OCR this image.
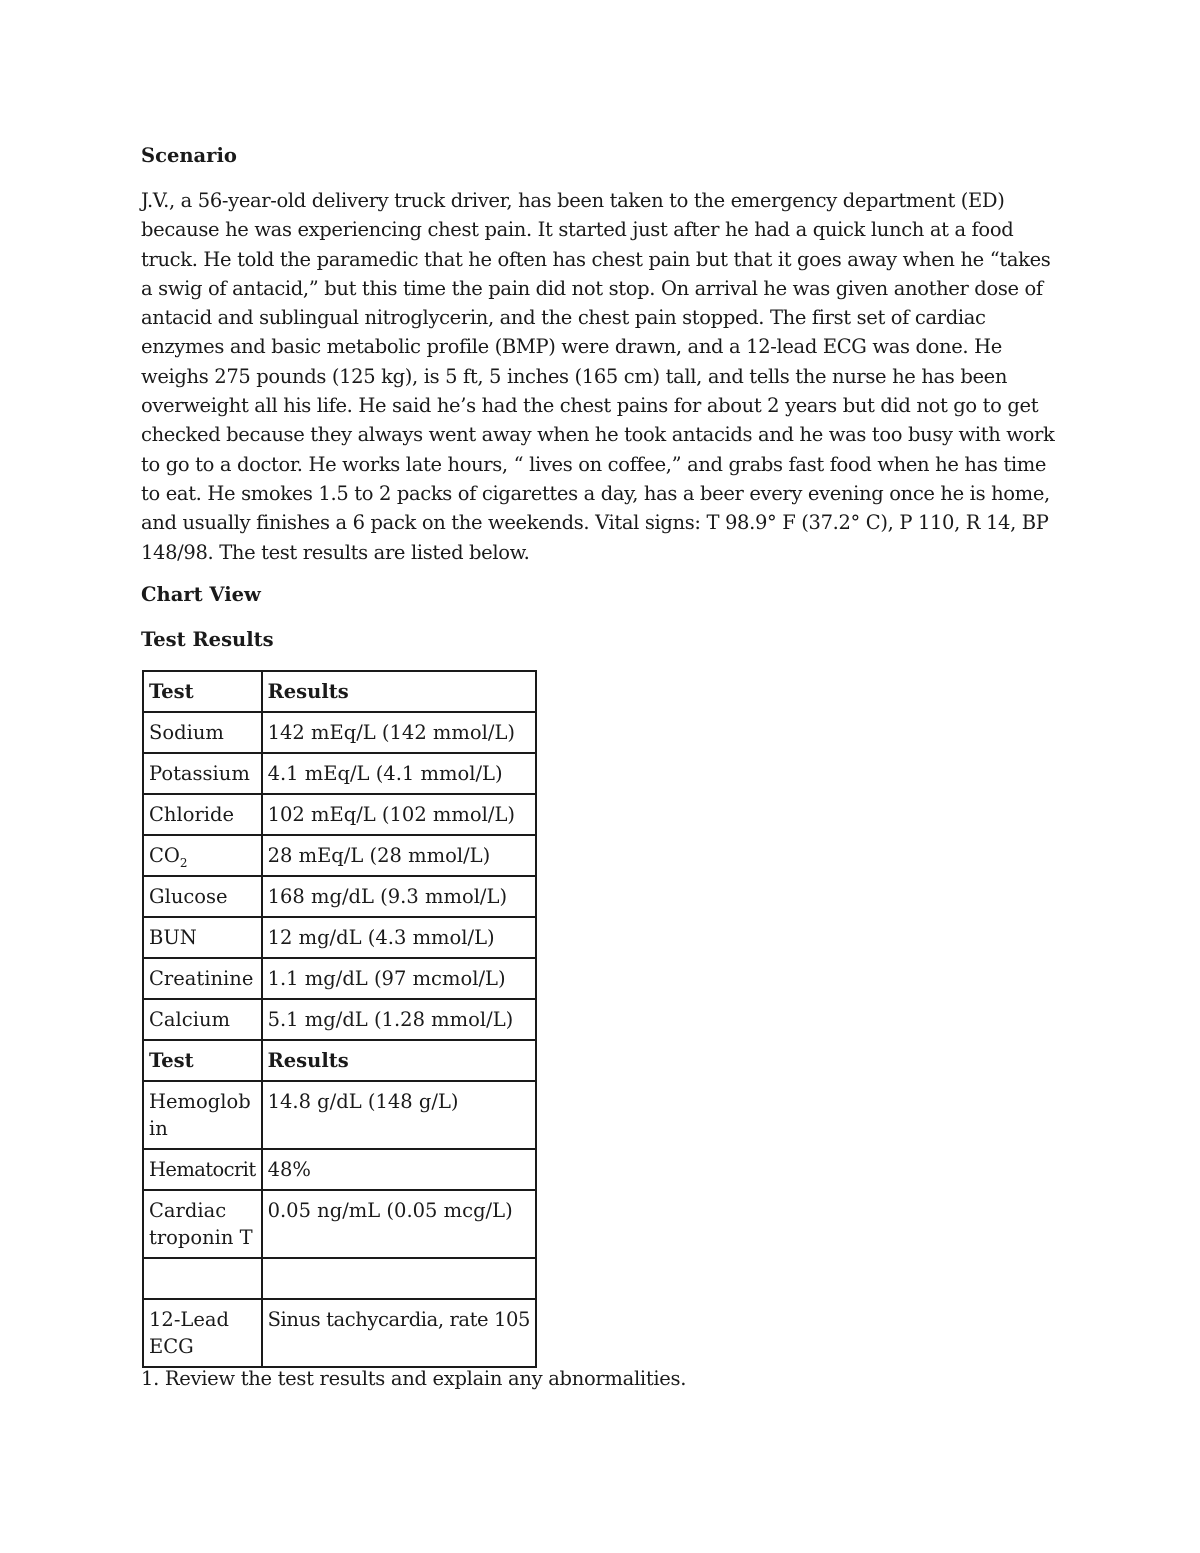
Scenario

J.V., a 56-year-old delivery truck driver, has been taken to the emergency department (ED) because he was experiencing chest pain. It started just after he had a quick lunch at a food truck. He told the paramedic that he often has chest pain but that it goes away when he “takes a swig of antacid,” but this time the pain did not stop. On arrival he was given another dose of antacid and sublingual nitroglycerin, and the chest pain stopped. The first set of cardiac enzymes and basic metabolic profile (BMP) were drawn, and a 12-lead ECG was done. He weighs 275 pounds (125 kg), is 5 ft, 5 inches (165 cm) tall, and tells the nurse he has been overweight all his life. He said he’s had the chest pains for about 2 years but did not go to get checked because they always went away when he took antacids and he was too busy with work to go to a doctor. He works late hours, “ lives on coffee,” and grabs fast food when he has time to eat. He smokes 1.5 to 2 packs of cigarettes a day, has a beer every evening once he is home, and usually finishes a 6 pack on the weekends. Vital signs: T 98.9° F (37.2° C), P 110, R 14, BP 148/98. The test results are listed below.

Chart View
Test Results
Test	Results
Sodium	142 mEq/L (142 mmol/L)
Potassium	4.1 mEq/L (4.1 mmol/L)
Chloride	102 mEq/L (102 mmol/L)
$CO_2$	28 mEq/L (28 mmol/L)
Glucose	168 mg/dL (9.3 mmol/L)
BUN	12 mg/dL (4.3 mmol/L)
Creatinine	1.1 mg/dL (97 mcmol/L)
Calcium	5.1 mg/dL (1.28 mmol/L)
Test	Results
Hemoglobin	14.8 g/dL (148 g/L)
Hematocrit	48%
Cardiac troponin T	0.05 ng/mL (0.05 mcg/L)

12-Lead ECG	Sinus tachycardia, rate 105
1. Review the test results and explain any abnormalities.
